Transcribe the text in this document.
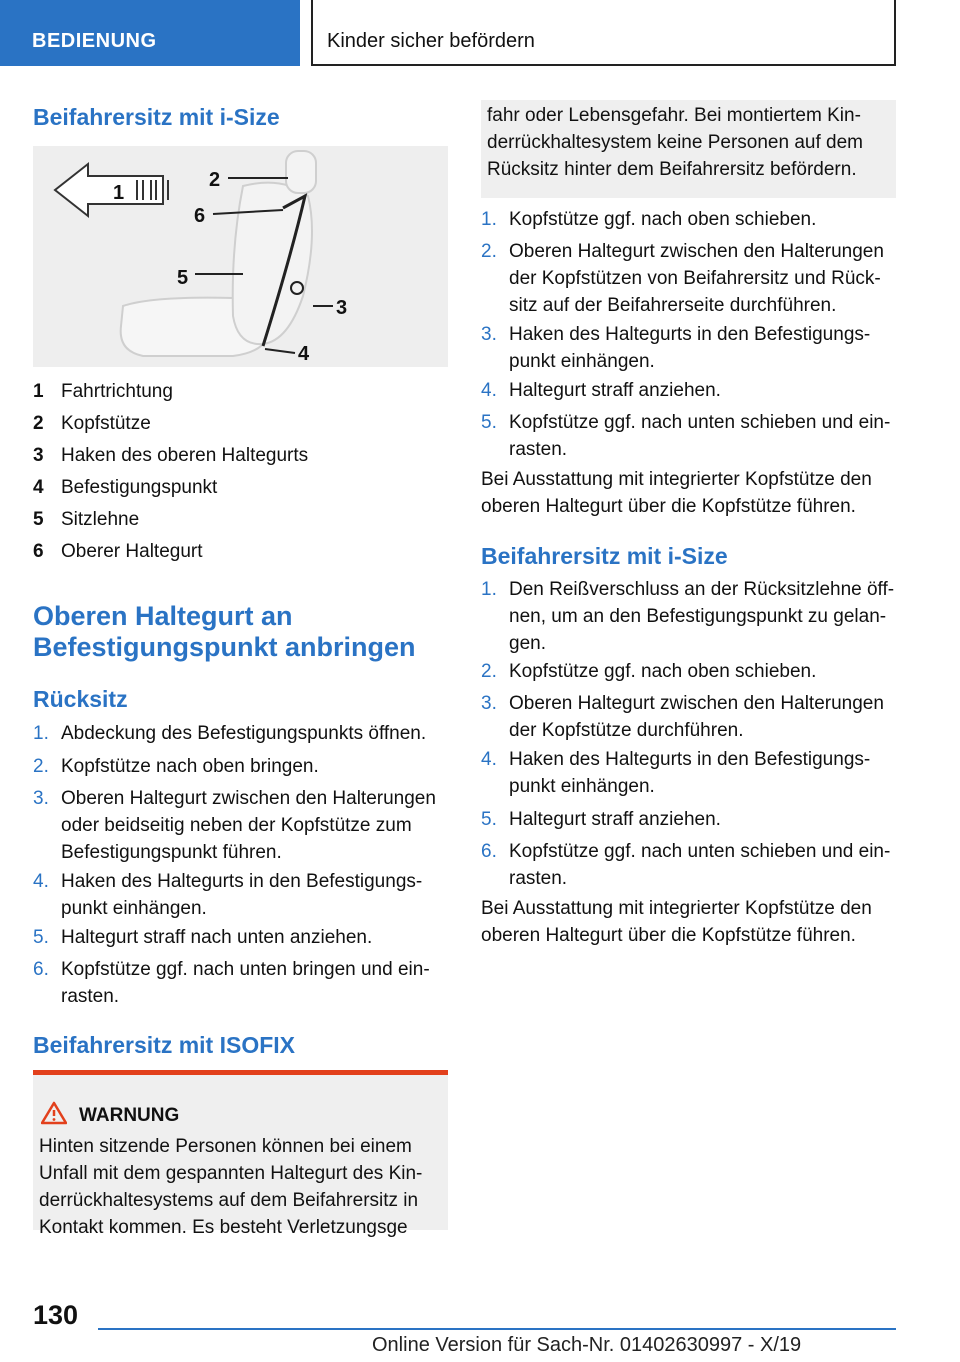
BEDIENUNG	Kinder sicher befördern
Beifahrersitz mit i-Size
1
2
3
4
5
6
1 Fahrtrichtung
2 Kopfstütze
3 Haken des oberen Haltegurts
4 Befestigungspunkt
5 Sitzlehne
6 Oberer Haltegurt
Oberen Haltegurt an
Befestigungspunkt anbringen
Rücksitz
1. Abdeckung des Befestigungspunkts öffnen.
2. Kopfstütze nach oben bringen.
3. Oberen Haltegurt zwischen den Halterungen oder beidseitig neben der Kopfstütze zum Befestigungspunkt führen.
4. Haken des Haltegurts in den Befestigungspunkt einhängen.
5. Haltegurt straff nach unten anziehen.
6. Kopfstütze ggf. nach unten bringen und einrasten.
Beifahrersitz mit ISOFIX
WARNUNG
Hinten sitzende Personen können bei einem Unfall mit dem gespannten Haltegurt des Kinderrückhaltesystems auf dem Beifahrersitz in Kontakt kommen. Es besteht Verletzungsge
fahr oder Lebensgefahr. Bei montiertem Kinderrückhaltesystem keine Personen auf dem Rücksitz hinter dem Beifahrersitz befördern.
1. Kopfstütze ggf. nach oben schieben.
2. Oberen Haltegurt zwischen den Halterungen der Kopfstützen von Beifahrersitz und Rücksitz auf der Beifahrerseite durchführen.
3. Haken des Haltegurts in den Befestigungspunkt einhängen.
4. Haltegurt straff anziehen.
5. Kopfstütze ggf. nach unten schieben und einrasten.
Bei Ausstattung mit integrierter Kopfstütze den oberen Haltegurt über die Kopfstütze führen.
Beifahrersitz mit i-Size
1. Den Reißverschluss an der Rücksitzlehne öffnen, um an den Befestigungspunkt zu gelangen.
2. Kopfstütze ggf. nach oben schieben.
3. Oberen Haltegurt zwischen den Halterungen der Kopfstütze durchführen.
4. Haken des Haltegurts in den Befestigungspunkt einhängen.
5. Haltegurt straff anziehen.
6. Kopfstütze ggf. nach unten schieben und einrasten.
Bei Ausstattung mit integrierter Kopfstütze den oberen Haltegurt über die Kopfstütze führen.
130
Online Version für Sach-Nr. 01402630997 - X/19
